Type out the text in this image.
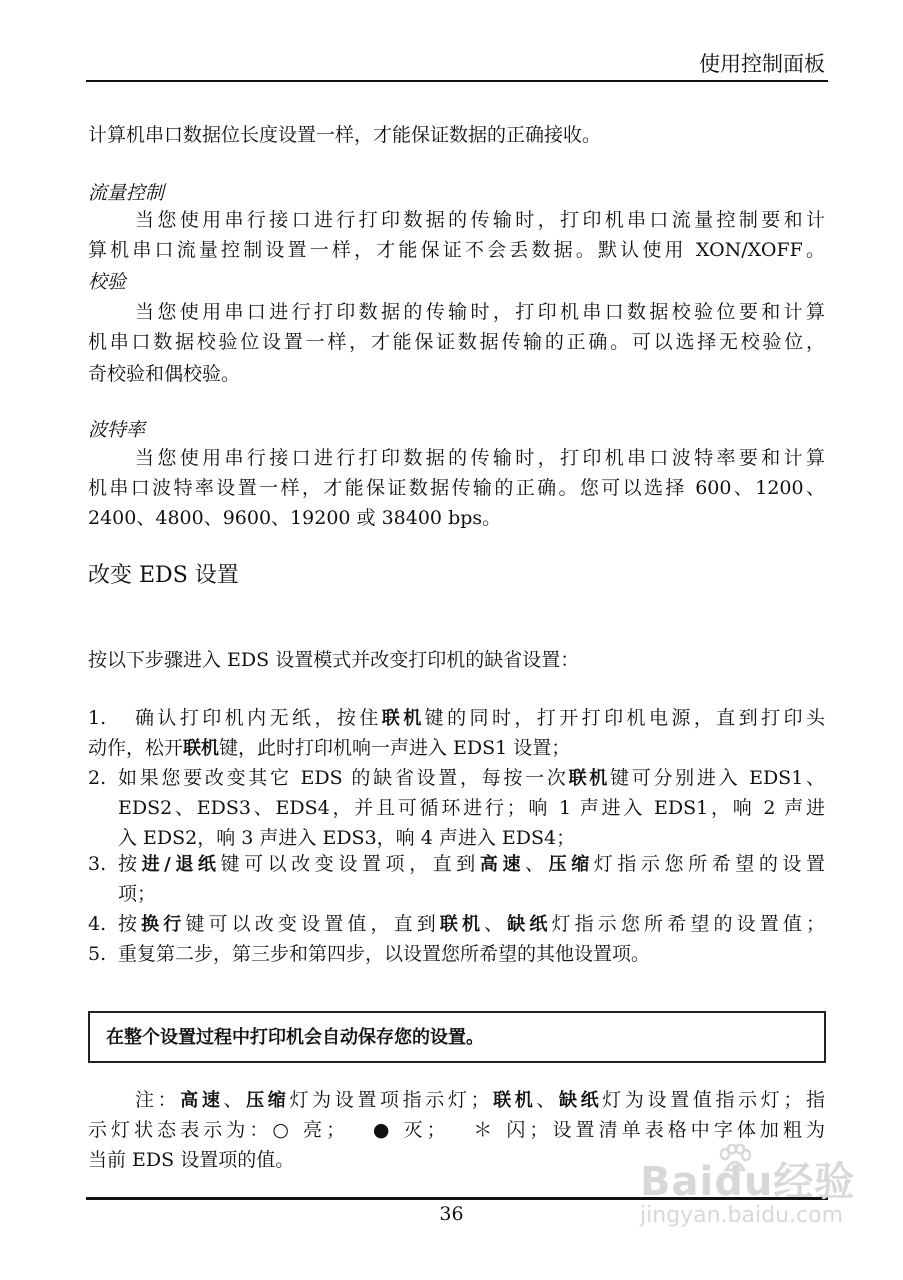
使用控制面板
计算机串口数据位长度设置一样，才能保证数据的正确接收。
流量控制
当您使用串行接口进行打印数据的传输时，打印机串口流量控制要和计
算机串口流量控制设置一样，才能保证不会丢数据。默认使用 XON/XOFF。
校验
当您使用串口进行打印数据的传输时，打印机串口数据校验位要和计算
机串口数据校验位设置一样，才能保证数据传输的正确。可以选择无校验位，
奇校验和偶校验。
波特率
当您使用串行接口进行打印数据的传输时，打印机串口波特率要和计算
机串口波特率设置一样，才能保证数据传输的正确。您可以选择 600、1200、
2400、4800、9600、19200 或 38400 bps。
改变 EDS 设置
按以下步骤进入 EDS 设置模式并改变打印机的缺省设置：
1. 确认打印机内无纸，按住联机键的同时，打开打印机电源，直到打印头
动作，松开联机键，此时打印机响一声进入 EDS1 设置；
2. 如果您要改变其它 EDS 的缺省设置，每按一次联机键可分别进入 EDS1、
EDS2、EDS3、EDS4，并且可循环进行；响 1 声进入 EDS1，响 2 声进
入 EDS2，响 3 声进入 EDS3，响 4 声进入 EDS4；
3. 按进/退纸键可以改变设置项，直到高速、压缩灯指示您所希望的设置
项；
4. 按换行键可以改变设置值，直到联机、缺纸灯指示您所希望的设置值；
5. 重复第二步，第三步和第四步，以设置您所希望的其他设置项。
注：高速、压缩灯为设置项指示灯；联机、缺纸灯为设置值指示灯；指
示灯状态表示为：○ 亮；　 ● 灭；　 ＊ 闪；设置清单表格中字体加粗为
当前 EDS 设置项的值。
在整个设置过程中打印机会自动保存您的设置。
36
Baidu经验
jingyan.baidu.com
